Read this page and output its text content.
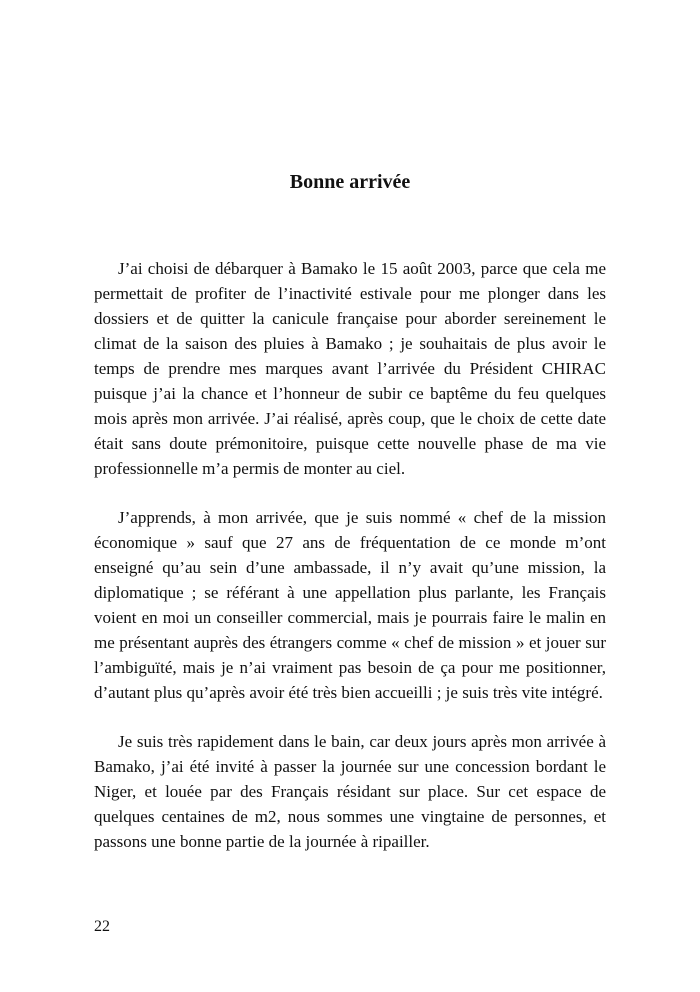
Bonne arrivée

J’ai choisi de débarquer à Bamako le 15 août 2003, parce que cela me permettait de profiter de l’inactivité estivale pour me plonger dans les dossiers et de quitter la canicule française pour aborder sereinement le climat de la saison des pluies à Bamako ; je souhaitais de plus avoir le temps de prendre mes marques avant l’arrivée du Président CHIRAC puisque j’ai la chance et l’honneur de subir ce baptême du feu quelques mois après mon arrivée. J’ai réalisé, après coup, que le choix de cette date était sans doute prémonitoire, puisque cette nouvelle phase de ma vie professionnelle m’a permis de monter au ciel.

J’apprends, à mon arrivée, que je suis nommé « chef de la mission économique » sauf que 27 ans de fréquentation de ce monde m’ont enseigné qu’au sein d’une ambassade, il n’y avait qu’une mission, la diplomatique ; se référant à une appellation plus parlante, les Français voient en moi un conseiller commercial, mais je pourrais faire le malin en me présentant auprès des étrangers comme « chef de mission » et jouer sur l’ambiguïté, mais je n’ai vraiment pas besoin de ça pour me positionner, d’autant plus qu’après avoir été très bien accueilli ; je suis très vite intégré.

Je suis très rapidement dans le bain, car deux jours après mon arrivée à Bamako, j’ai été invité à passer la journée sur une concession bordant le Niger, et louée par des Français résidant sur place. Sur cet espace de quelques centaines de m2, nous sommes une vingtaine de personnes, et passons une bonne partie de la journée à ripailler.

22
